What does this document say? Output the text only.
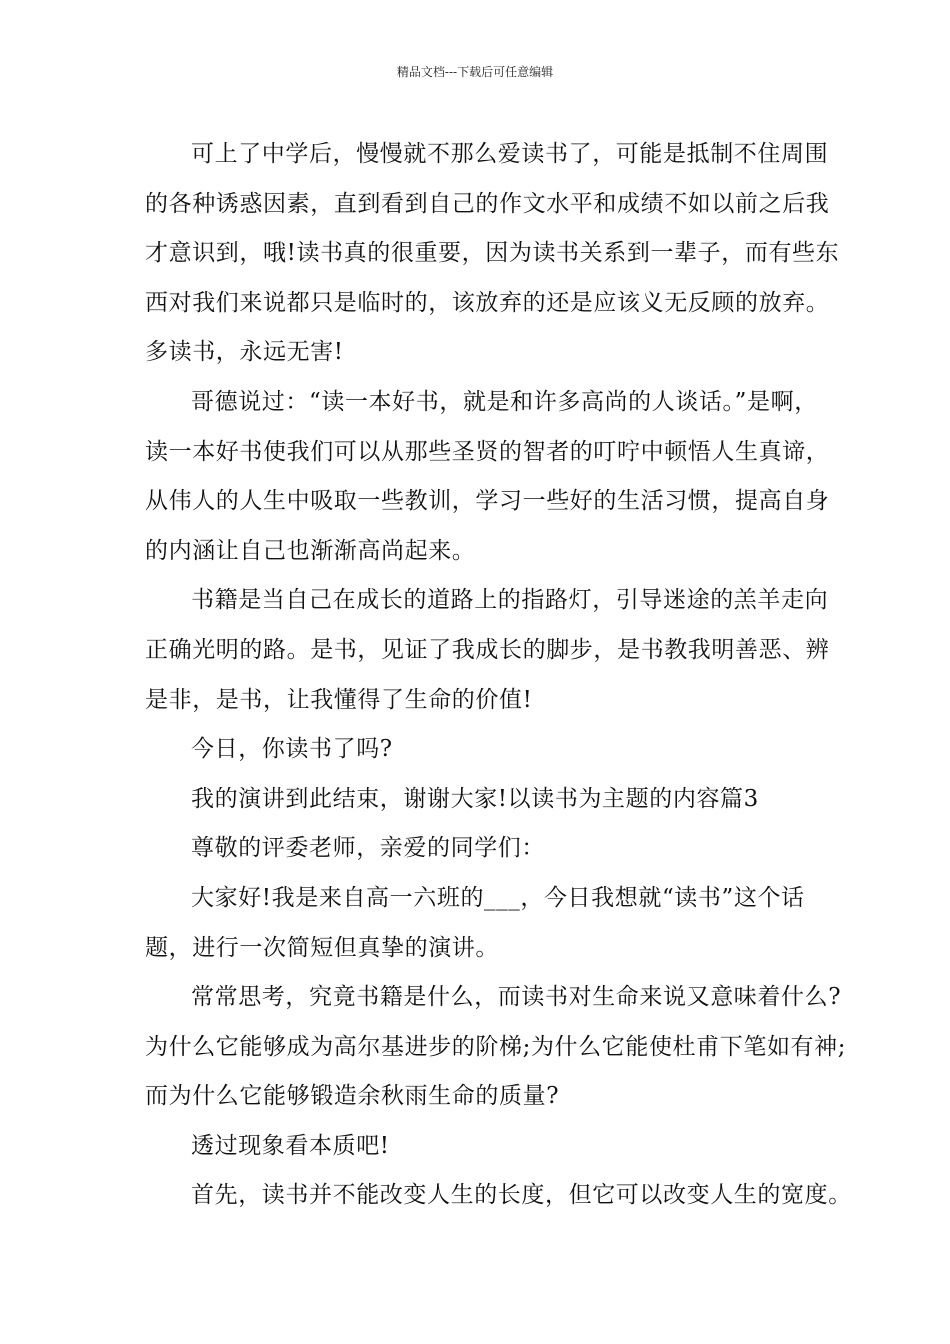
精品文档---下载后可任意编辑
可上了中学后，慢慢就不那么爱读书了，可能是抵制不住周围
的各种诱惑因素，直到看到自己的作文水平和成绩不如以前之后我
才意识到，哦!读书真的很重要，因为读书关系到一辈子，而有些东
西对我们来说都只是临时的，该放弃的还是应该义无反顾的放弃。
多读书，永远无害!
哥德说过：“读一本好书，就是和许多高尚的人谈话。”是啊，
读一本好书使我们可以从那些圣贤的智者的叮咛中顿悟人生真谛，
从伟人的人生中吸取一些教训，学习一些好的生活习惯，提高自身
的内涵让自己也渐渐高尚起来。
书籍是当自己在成长的道路上的指路灯，引导迷途的羔羊走向
正确光明的路。是书，见证了我成长的脚步，是书教我明善恶、辨
是非，是书，让我懂得了生命的价值!
今日，你读书了吗?
我的演讲到此结束，谢谢大家!以读书为主题的内容篇3
尊敬的评委老师，亲爱的同学们：
大家好!我是来自高一六班的___，今日我想就“读书”这个话
题，进行一次简短但真挚的演讲。
常常思考，究竟书籍是什么，而读书对生命来说又意味着什么?
为什么它能够成为高尔基进步的阶梯;为什么它能使杜甫下笔如有神;
而为什么它能够锻造余秋雨生命的质量?
透过现象看本质吧!
首先，读书并不能改变人生的长度，但它可以改变人生的宽度。
